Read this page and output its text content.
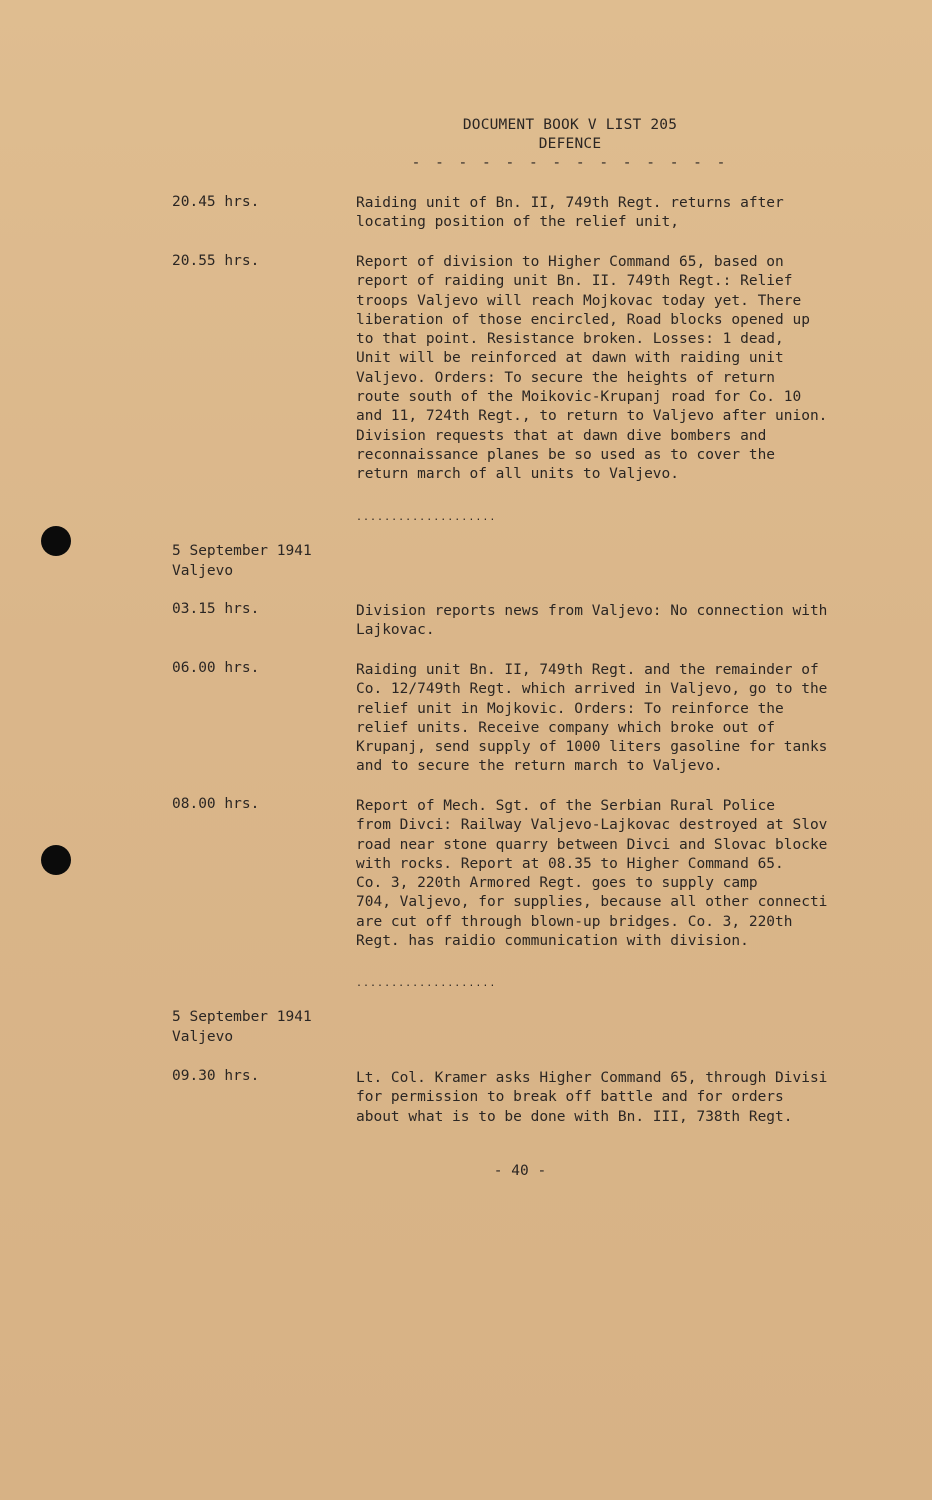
DOCUMENT BOOK V LIST 205
DEFENCE
- - - - - - - - - - - - - -
20.45 hrs.	Raiding unit of Bn. II, 749th Regt. returns after
locating position of the relief unit,
20.55 hrs.	Report of division to Higher Command 65, based on
report of raiding unit Bn. II. 749th Regt.: Relief
troops Valjevo will reach Mojkovac today yet. There
liberation of those encircled, Road blocks opened up
to that point. Resistance broken. Losses: 1 dead,
Unit will be reinforced at dawn with raiding unit
Valjevo. Orders: To secure the heights of return
route south of the Moikovic-Krupanj road for Co. 10
and 11, 724th Regt., to return to Valjevo after union.
Division requests that at dawn dive bombers and
reconnaissance planes be so used as to cover the
return march of all units to Valjevo.
....................
5 September 1941
Valjevo
03.15 hrs.	Division reports news from Valjevo: No connection with
Lajkovac.
06.00 hrs.	Raiding unit Bn. II, 749th Regt. and the remainder of
Co. 12/749th Regt. which arrived in Valjevo, go to the
relief unit in Mojkovic. Orders: To reinforce the
relief units. Receive company which broke out of
Krupanj, send supply of 1000 liters gasoline for tanks
and to secure the return march to Valjevo.
08.00 hrs.	Report of Mech. Sgt. of the Serbian Rural Police
from Divci: Railway Valjevo-Lajkovac destroyed at Slov
road near stone quarry between Divci and Slovac blocke
with rocks. Report at 08.35 to Higher Command 65.
Co. 3, 220th Armored Regt. goes to supply camp
704, Valjevo, for supplies, because all other connecti
are cut off through blown-up bridges. Co. 3, 220th
Regt. has raidio communication with division.
....................
5 September 1941
Valjevo
09.30 hrs.	Lt. Col. Kramer asks Higher Command 65, through Divisi
for permission to break off battle and for orders
about what is to be done with Bn. III, 738th Regt.
- 40 -
